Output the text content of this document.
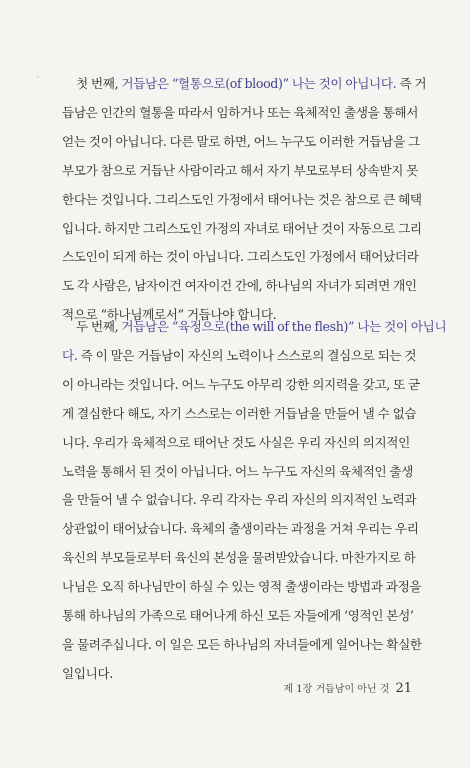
'	첫 번째, 거듭남은 “혈통으로(of blood)” 나는 것이 아닙니다. 즉 거
듭남은 인간의 혈통을 따라서 임하거나 또는 육체적인 출생을 통해서
얻는 것이 아닙니다. 다른 말로 하면, 어느 누구도 이러한 거듭남을 그
부모가 참으로 거듭난 사람이라고 해서 자기 부모로부터 상속받지 못
한다는 것입니다. 그리스도인 가정에서 태어나는 것은 참으로 큰 혜택
입니다. 하지만 그리스도인 가정의 자녀로 태어난 것이 자동으로 그리
스도인이 되게 하는 것이 아닙니다. 그리스도인 가정에서 태어났더라
도 각 사람은, 남자이건 여자이건 간에, 하나님의 자녀가 되려면 개인
적으로 “하나님께로서” 거듭나야 합니다.
두 번째, 거듭남은 “육정으로(the will of the flesh)” 나는 것이 아닙니
다. 즉 이 말은 거듭남이 자신의 노력이나 스스로의 결심으로 되는 것
이 아니라는 것입니다. 어느 누구도 아무리 강한 의지력을 갖고, 또 굳
게 결심한다 해도, 자기 스스로는 이러한 거듭남을 만들어 낼 수 없습
니다. 우리가 육체적으로 태어난 것도 사실은 우리 자신의 의지적인
노력을 통해서 된 것이 아닙니다. 어느 누구도 자신의 육체적인 출생
을 만들어 낼 수 없습니다. 우리 각자는 우리 자신의 의지적인 노력과
상관없이 태어났습니다. 육체의 출생이라는 과정을 거쳐 우리는 우리
육신의 부모들로부터 육신의 본성을 물려받았습니다. 마찬가지로 하
나님은 오직 하나님만이 하실 수 있는 영적 출생이라는 방법과 과정을
통해 하나님의 가족으로 태어나게 하신 모든 자들에게 ‘영적인 본성’
을 물려주십니다. 이 일은 모든 하나님의 자녀들에게 일어나는 확실한
일입니다.
제 1장 거듭남이 아닌 것 21
